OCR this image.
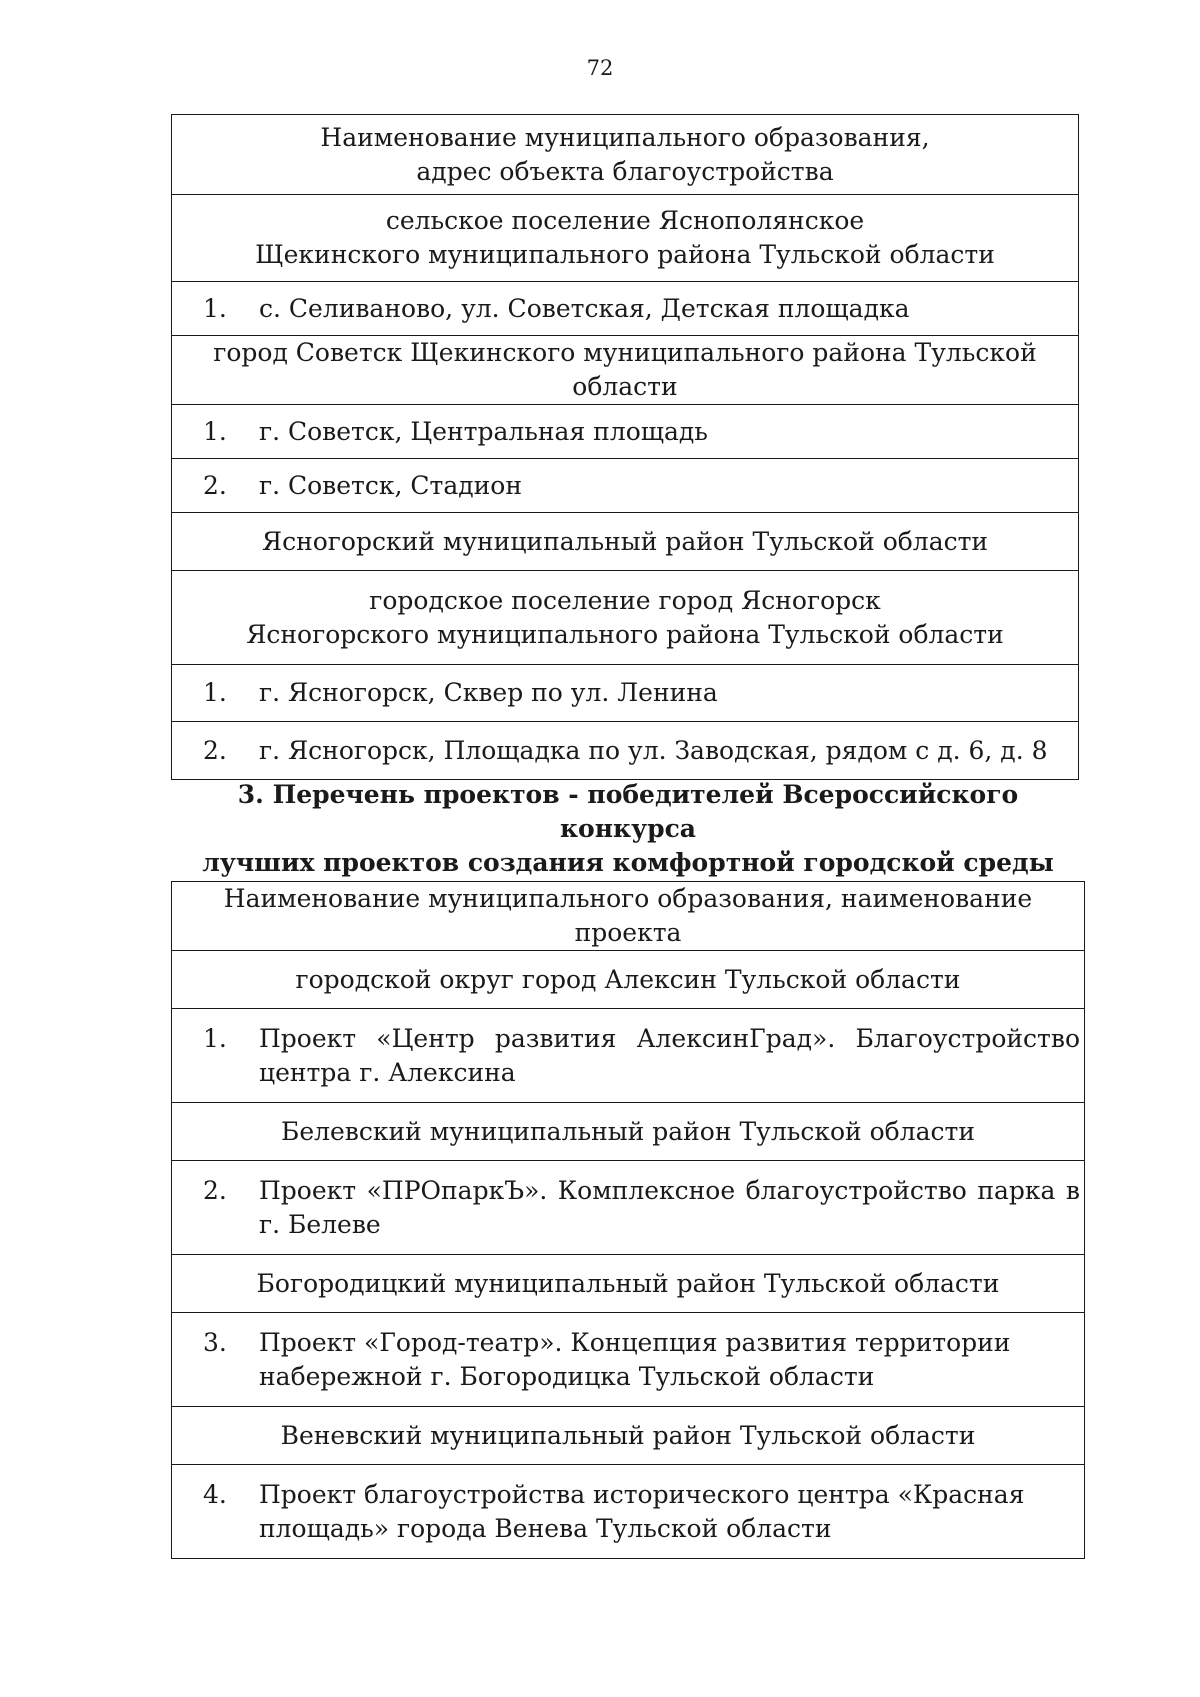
72
Наименование муниципального образования,
адрес объекта благоустройства

сельское поселение Яснополянское
Щекинского муниципального района Тульской области

1.	с. Селиваново, ул. Советская, Детская площадка

город Советск Щекинского муниципального района Тульской области

1.	г. Советск, Центральная площадь

2.	г. Советск, Стадион

Ясногорский муниципальный район Тульской области

городское поселение город Ясногорск
Ясногорского муниципального района Тульской области

1.	г. Ясногорск, Сквер по ул. Ленина

2.	г. Ясногорск, Площадка по ул. Заводская, рядом с д. 6, д. 8
3. Перечень проектов - победителей Всероссийского конкурса
лучших проектов создания комфортной городской среды
Наименование муниципального образования, наименование проекта
городской округ город Алексин Тульской области

1.	Проект «Центр развития АлексинГрад». Благоустройство центра г. Алексина

Белевский муниципальный район Тульской области

2.	Проект «ПРОпаркЪ». Комплексное благоустройство парка в г. Белеве

Богородицкий муниципальный район Тульской области

3.	Проект «Город-театр». Концепция развития территории набережной г. Богородицка Тульской области

Веневский муниципальный район Тульской области

4.	Проект благоустройства исторического центра «Красная площадь» города Венева Тульской области
